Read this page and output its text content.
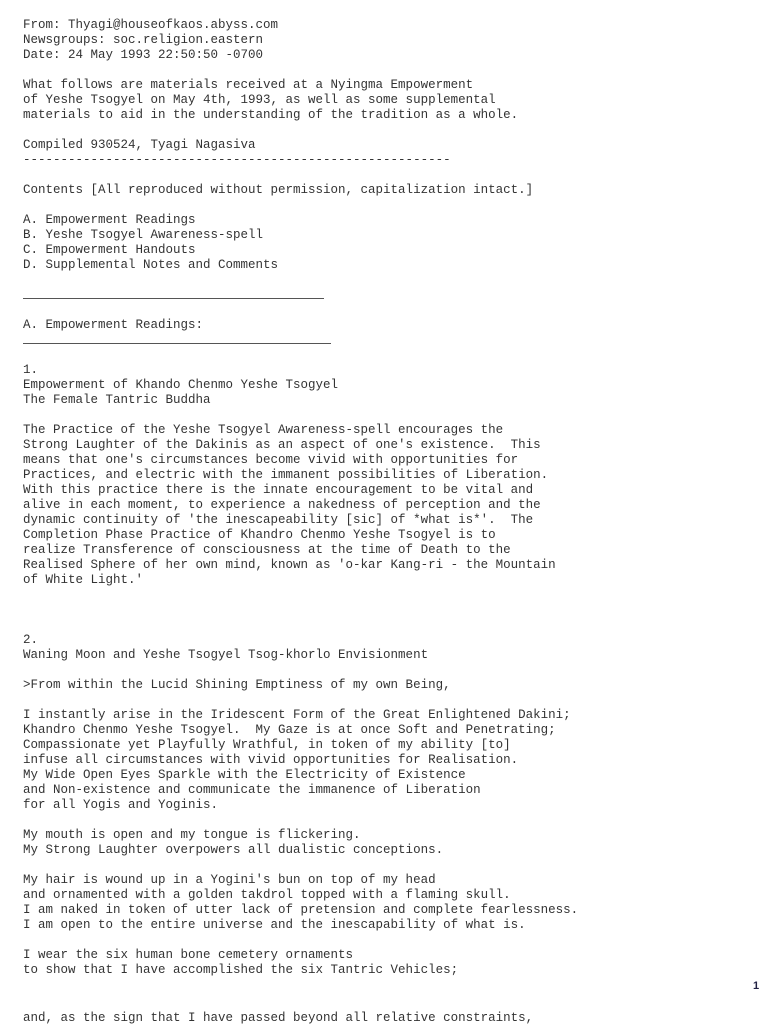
From: Thyagi@houseofkaos.abyss.com
Newsgroups: soc.religion.eastern
Date: 24 May 1993 22:50:50 -0700
What follows are materials received at a Nyingma Empowerment
of Yeshe Tsogyel on May 4th, 1993, as well as some supplemental
materials to aid in the understanding of the tradition as a whole.
Compiled 930524, Tyagi Nagasiva
---------------------------------------------------------
Contents [All reproduced without permission, capitalization intact.]
A. Empowerment Readings
B. Yeshe Tsogyel Awareness-spell
C. Empowerment Handouts
D. Supplemental Notes and Comments
A. Empowerment Readings:
1.
Empowerment of Khando Chenmo Yeshe Tsogyel
The Female Tantric Buddha
The Practice of the Yeshe Tsogyel Awareness-spell encourages the
Strong Laughter of the Dakinis as an aspect of one's existence.  This
means that one's circumstances become vivid with opportunities for
Practices, and electric with the immanent possibilities of Liberation.
With this practice there is the innate encouragement to be vital and
alive in each moment, to experience a nakedness of perception and the
dynamic continuity of 'the inescapeability [sic] of *what is*'.  The
Completion Phase Practice of Khandro Chenmo Yeshe Tsogyel is to
realize Transference of consciousness at the time of Death to the
Realised Sphere of her own mind, known as 'o-kar Kang-ri - the Mountain
of White Light.'
2.
Waning Moon and Yeshe Tsogyel Tsog-khorlo Envisionment
>From within the Lucid Shining Emptiness of my own Being,
I instantly arise in the Iridescent Form of the Great Enlightened Dakini;
Khandro Chenmo Yeshe Tsogyel.  My Gaze is at once Soft and Penetrating;
Compassionate yet Playfully Wrathful, in token of my ability [to]
infuse all circumstances with vivid opportunities for Realisation.
My Wide Open Eyes Sparkle with the Electricity of Existence
and Non-existence and communicate the immanence of Liberation
for all Yogis and Yoginis.
My mouth is open and my tongue is flickering.
My Strong Laughter overpowers all dualistic conceptions.
My hair is wound up in a Yogini's bun on top of my head
and ornamented with a golden takdrol topped with a flaming skull.
I am naked in token of utter lack of pretension and complete fearlessness.
I am open to the entire universe and the inescapability of what is.
I wear the six human bone cemetery ornaments
to show that I have accomplished the six Tantric Vehicles;
1
and, as the sign that I have passed beyond all relative constraints,
